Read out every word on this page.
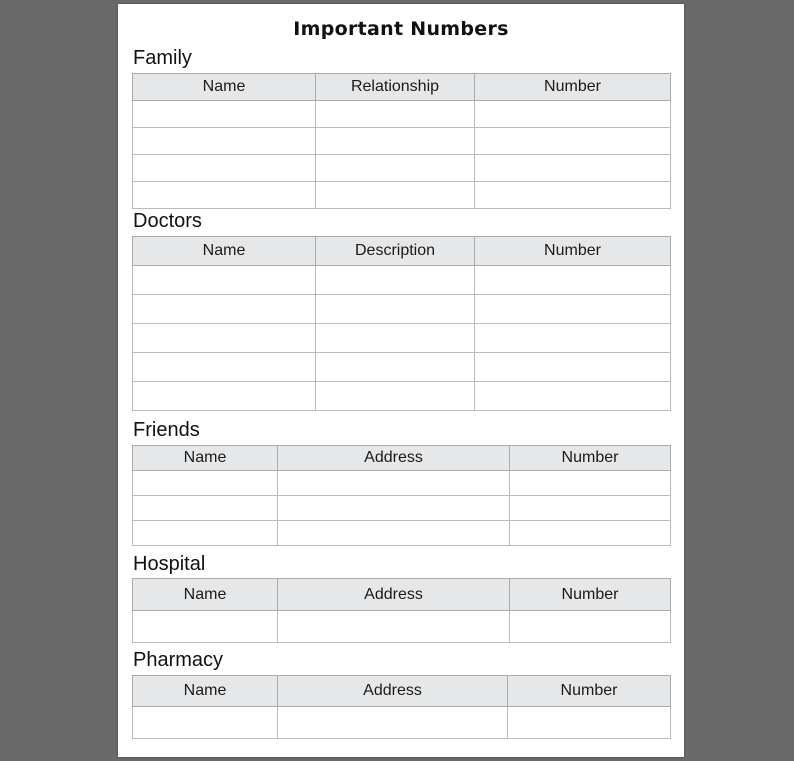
Important Numbers
Family
Name	Relationship	Number

Doctors
Name	Description	Number

Friends
Name	Address	Number

Hospital
Name	Address	Number

Pharmacy
Name	Address	Number
